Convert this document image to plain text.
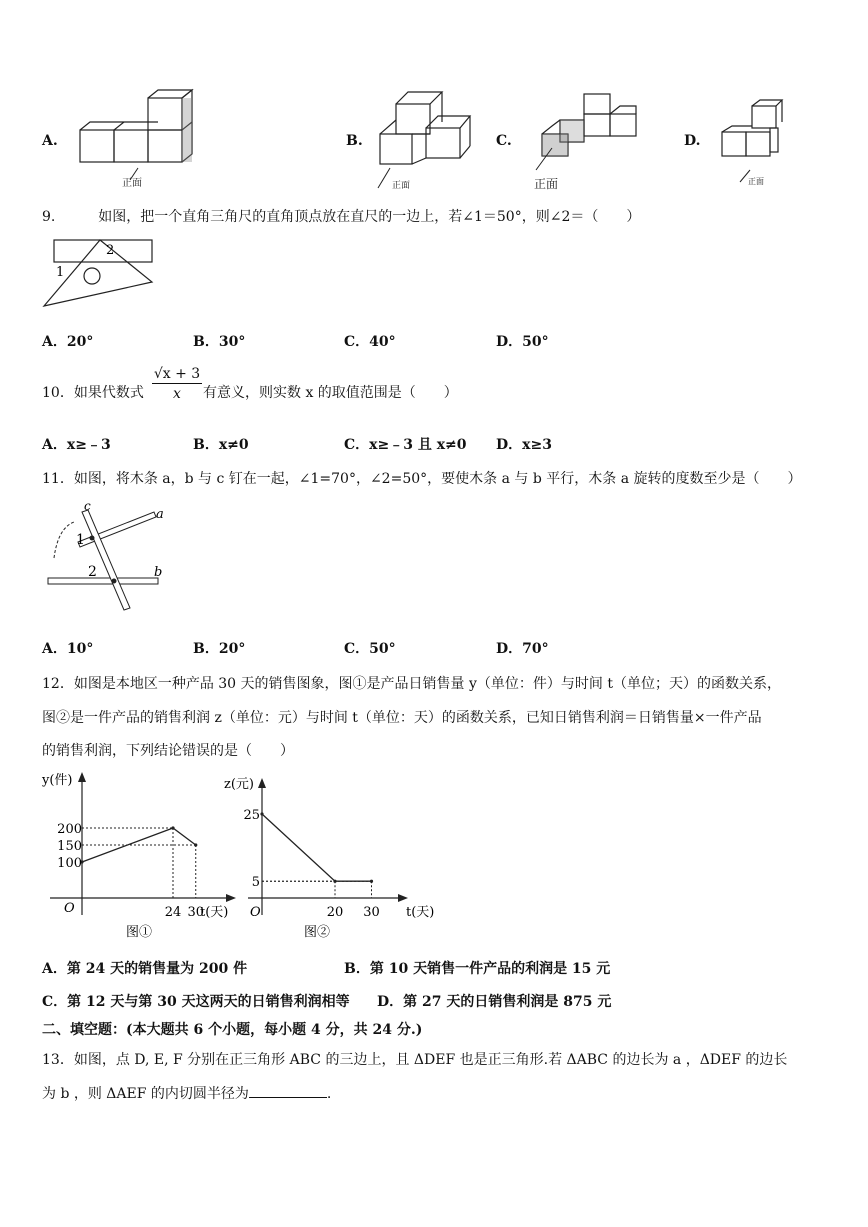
A.
正面
B.
正面
C.
正面
D.
正面
9.	如图，把一个直角三角尺的直角顶点放在直尺的一边上，若∠1＝50°，则∠2＝（　　）
2
1
A．20°	B．30°	C．40°	D．50°
10．如果代数式 $\frac{√x + 3}{x}$ 有意义，则实数 x 的取值范围是（　　）
A．x≥﹣3	B．x≠0	C．x≥﹣3 且 x≠0 D．x≥3
11．如图，将木条 a，b 与 c 钉在一起，∠1=70°，∠2=50°，要使木条 a 与 b 平行，木条 a 旋转的度数至少是（　　）
c
a
1
2	b
A．10°	B．20°	C．50°	D．70°
12．如图是本地区一种产品 30 天的销售图象，图①是产品日销售量 y（单位：件）与时间 t（单位；天）的函数关系，
图②是一件产品的销售利润 z（单位：元）与时间 t（单位：天）的函数关系，已知日销售利润＝日销售量×一件产品
的销售利润，下列结论错误的是（　　）
y(件)
O	t(天)
图①
100
150
200
24 30
z(元)
O	t(天)
图②
5
25
20 30
A．第 24 天的销售量为 200 件	B．第 10 天销售一件产品的利润是 15 元
C．第 12 天与第 30 天这两天的日销售利润相等 D．第 27 天的日销售利润是 875 元
二、填空题：(本大题共 6 个小题，每小题 4 分，共 24 分.)
13．如图，点 D, E, F 分别在正三角形 ABC 的三边上，且 ΔDEF 也是正三角形.若 ΔABC 的边长为 a ，ΔDEF 的边长
为 b ，则 ΔAEF 的内切圆半径为	.
